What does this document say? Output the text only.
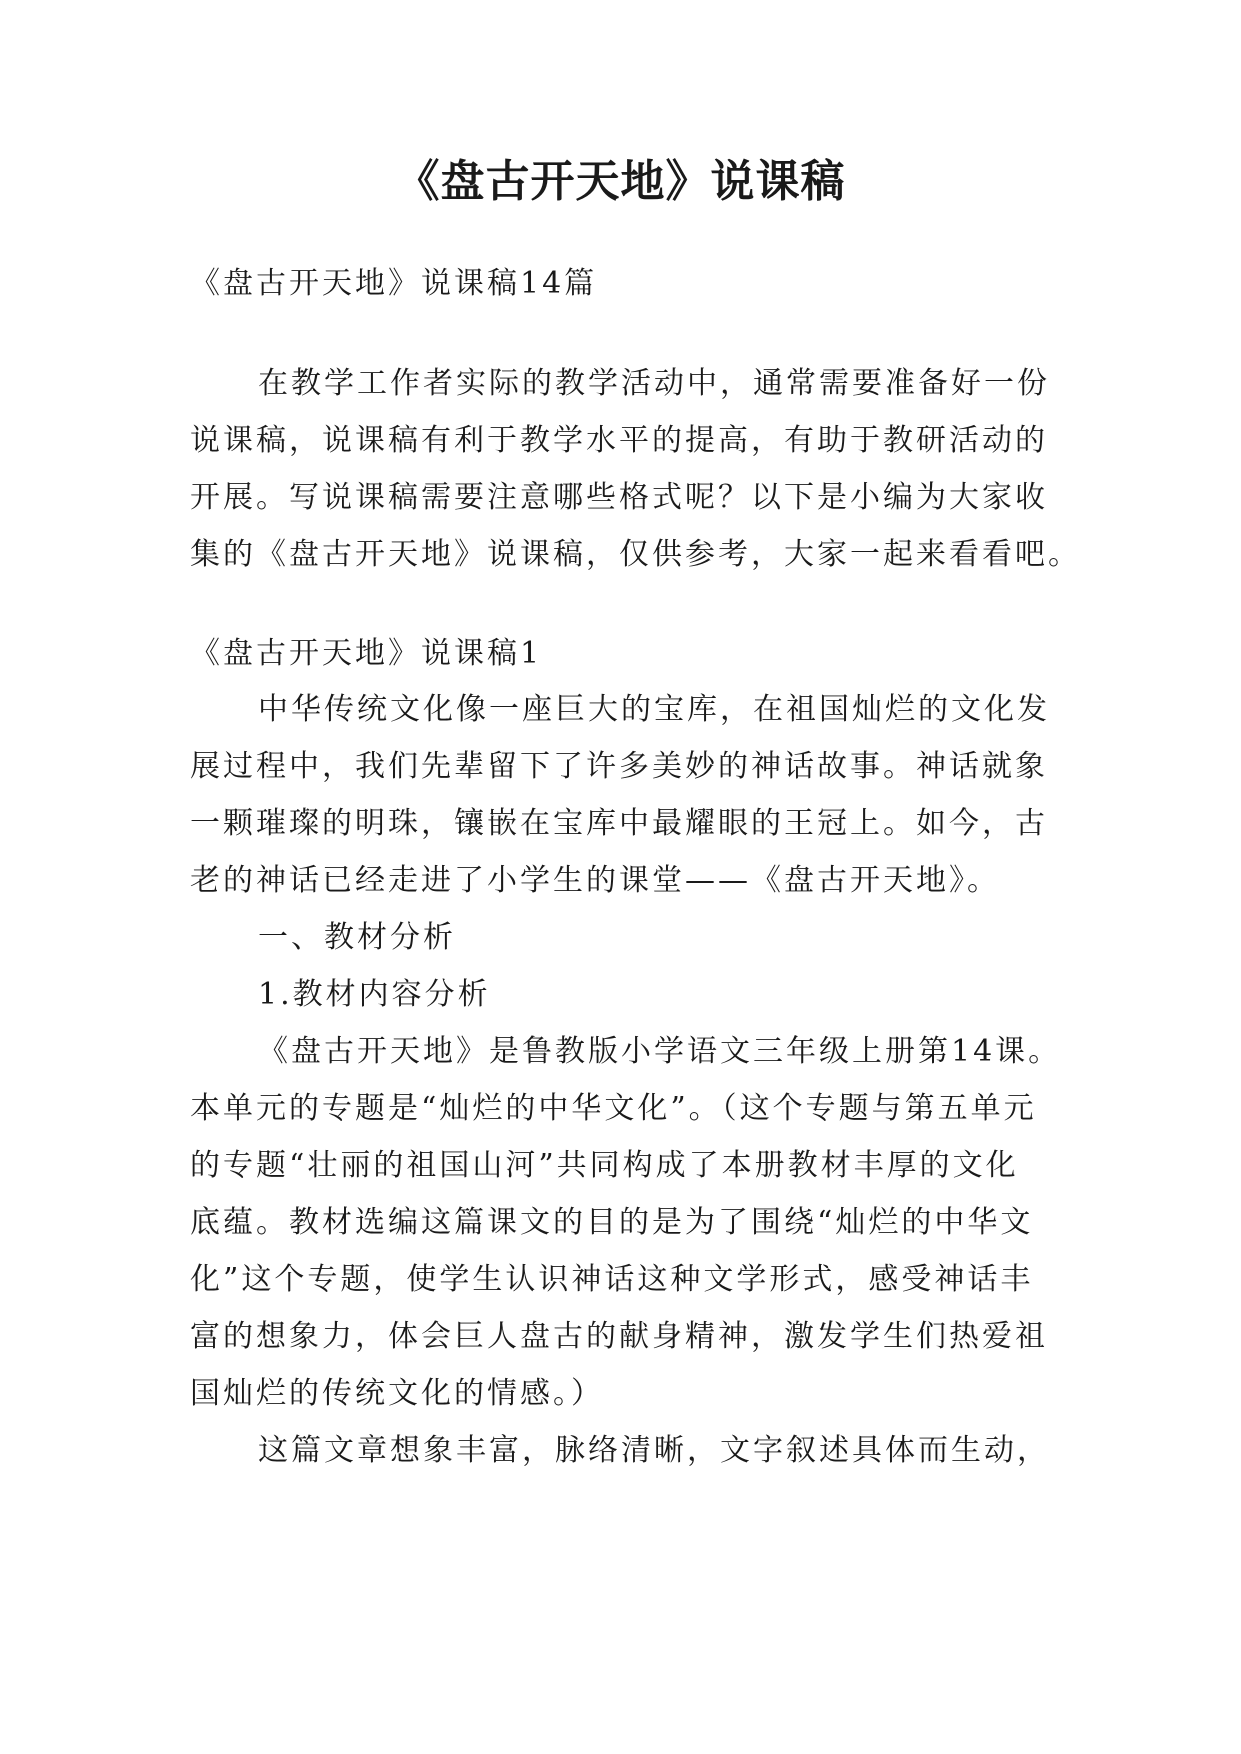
《盘古开天地》说课稿
《盘古开天地》说课稿14篇
在教学工作者实际的教学活动中，通常需要准备好一份
说课稿，说课稿有利于教学水平的提高，有助于教研活动的
开展。写说课稿需要注意哪些格式呢？以下是小编为大家收
集的《盘古开天地》说课稿，仅供参考，大家一起来看看吧。
《盘古开天地》说课稿1
中华传统文化像一座巨大的宝库，在祖国灿烂的文化发
展过程中，我们先辈留下了许多美妙的神话故事。神话就象
一颗璀璨的明珠，镶嵌在宝库中最耀眼的王冠上。如今，古
老的神话已经走进了小学生的课堂——《盘古开天地》。
一、教材分析
1.教材内容分析
《盘古开天地》是鲁教版小学语文三年级上册第14课。
本单元的专题是“灿烂的中华文化”。（这个专题与第五单元
的专题“壮丽的祖国山河”共同构成了本册教材丰厚的文化
底蕴。教材选编这篇课文的目的是为了围绕“灿烂的中华文
化”这个专题，使学生认识神话这种文学形式，感受神话丰
富的想象力，体会巨人盘古的献身精神，激发学生们热爱祖
国灿烂的传统文化的情感。）
这篇文章想象丰富，脉络清晰，文字叙述具体而生动，
